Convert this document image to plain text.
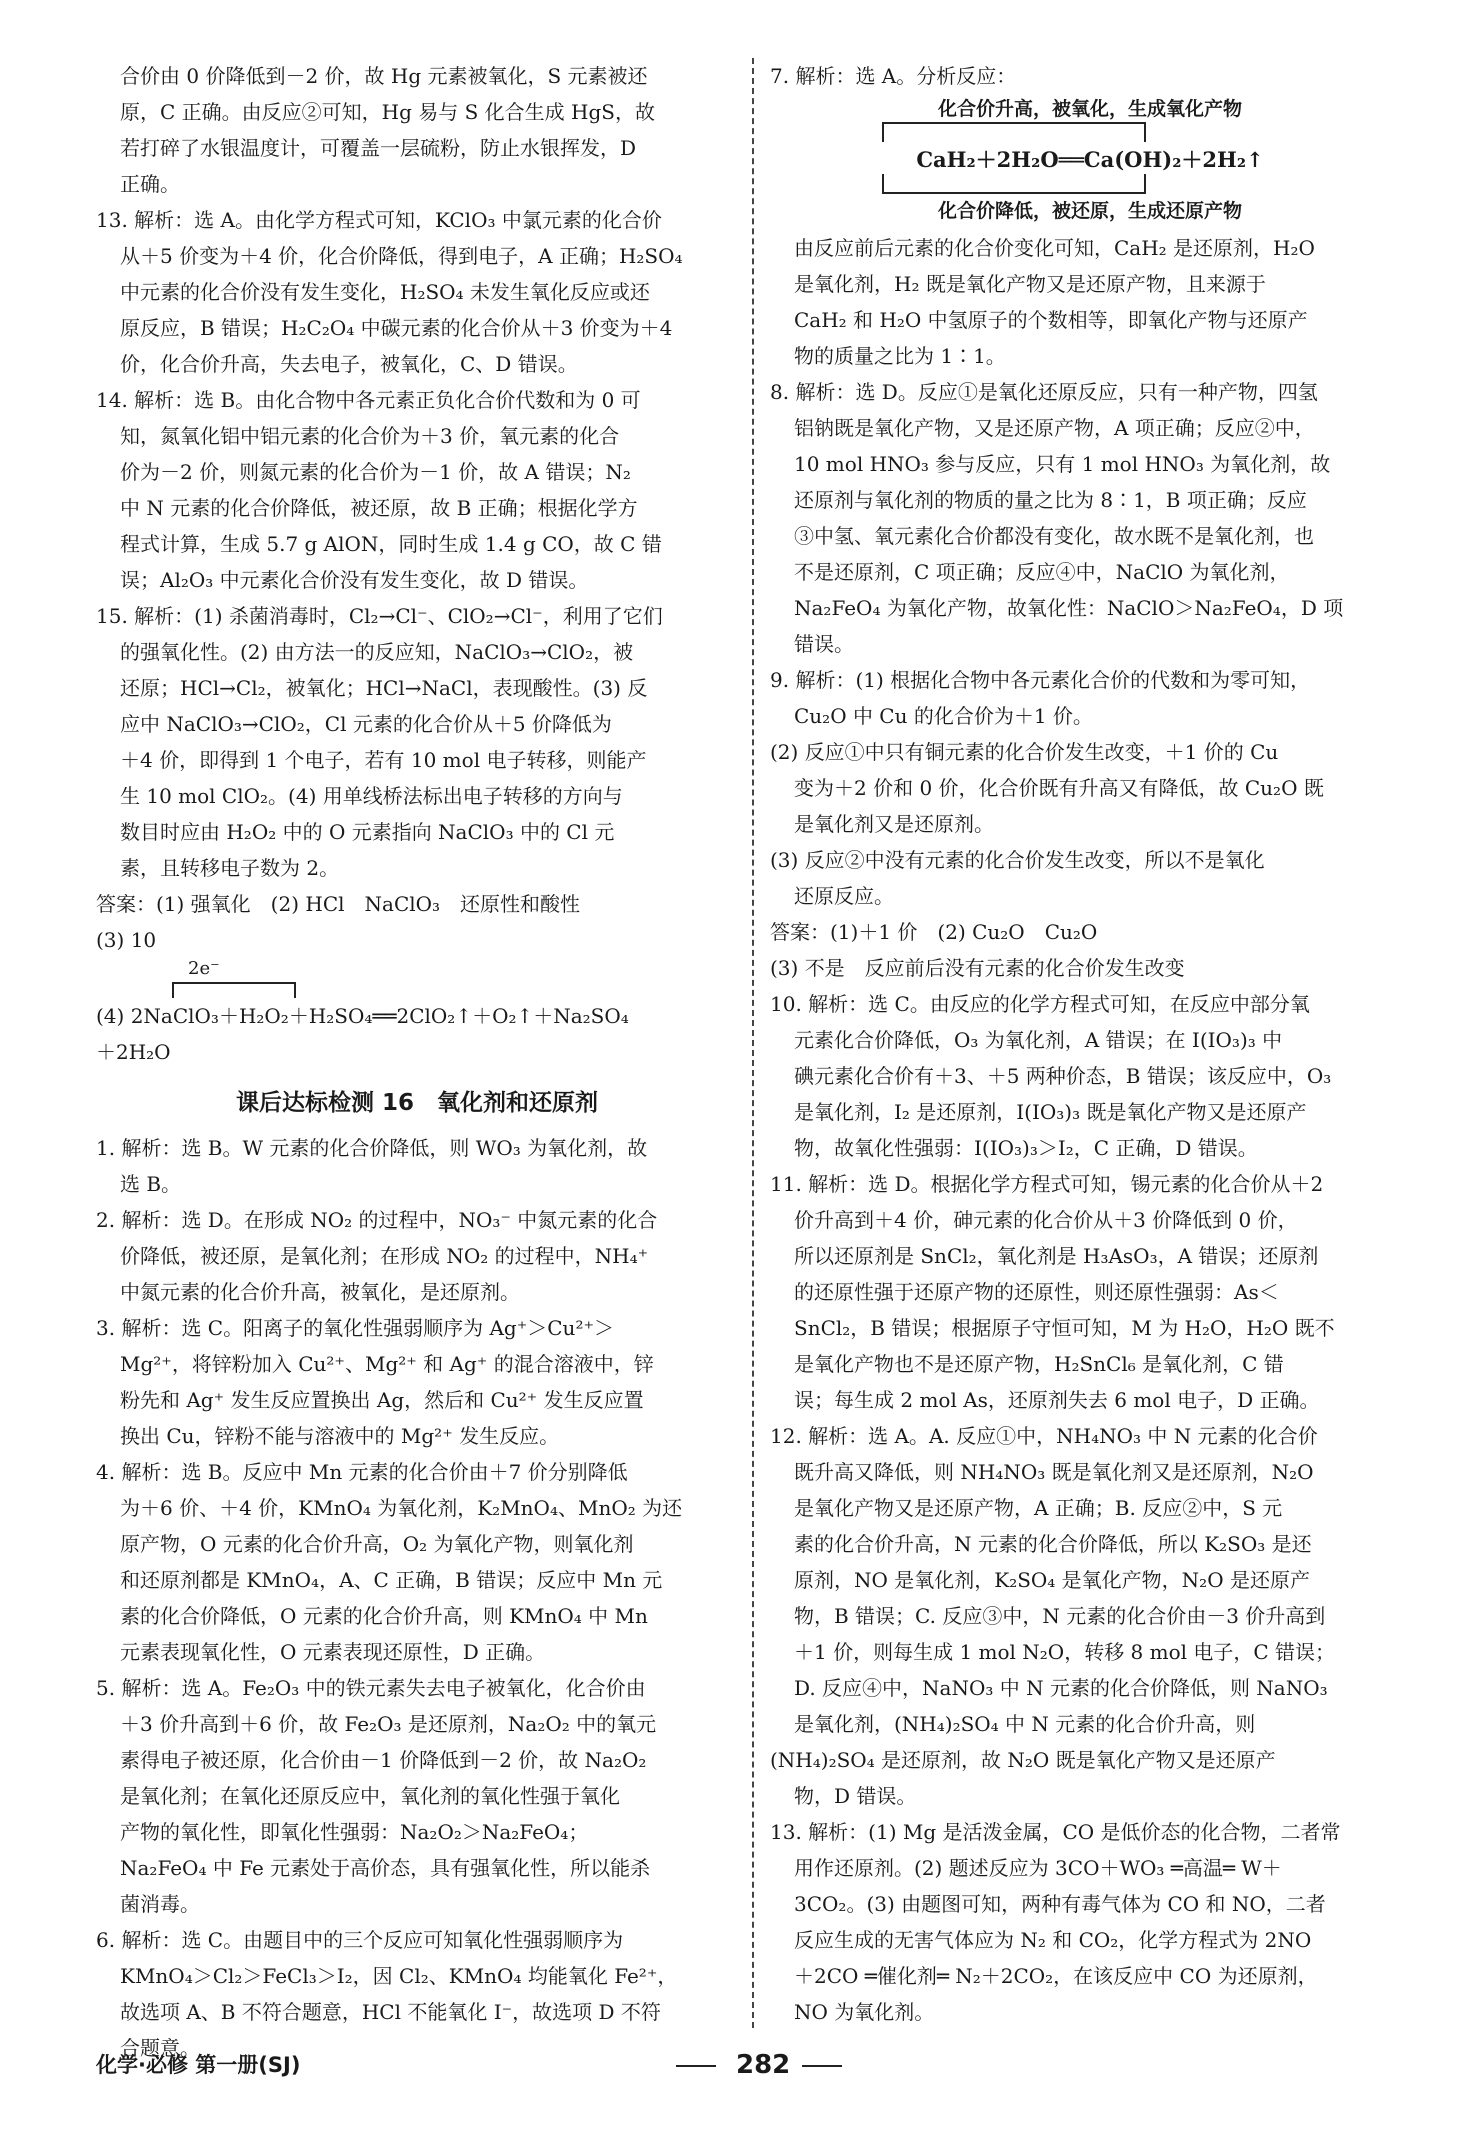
合价由 0 价降低到－2 价，故 Hg 元素被氧化，S 元素被还

原，C 正确。由反应②可知，Hg 易与 S 化合生成 HgS，故

若打碎了水银温度计，可覆盖一层硫粉，防止水银挥发，D

正确。

13. 解析：选 A。由化学方程式可知，KClO₃ 中氯元素的化合价

从＋5 价变为＋4 价，化合价降低，得到电子，A 正确；H₂SO₄

中元素的化合价没有发生变化，H₂SO₄ 未发生氧化反应或还

原反应，B 错误；H₂C₂O₄ 中碳元素的化合价从＋3 价变为＋4

价，化合价升高，失去电子，被氧化，C、D 错误。

14. 解析：选 B。由化合物中各元素正负化合价代数和为 0 可

知，氮氧化铝中铝元素的化合价为＋3 价，氧元素的化合

价为－2 价，则氮元素的化合价为－1 价，故 A 错误；N₂

中 N 元素的化合价降低，被还原，故 B 正确；根据化学方

程式计算，生成 5.7 g AlON，同时生成 1.4 g CO，故 C 错

误；Al₂O₃ 中元素化合价没有发生变化，故 D 错误。

15. 解析：(1) 杀菌消毒时，Cl₂→Cl⁻、ClO₂→Cl⁻，利用了它们

的强氧化性。(2) 由方法一的反应知，NaClO₃→ClO₂，被

还原；HCl→Cl₂，被氧化；HCl→NaCl，表现酸性。(3) 反

应中 NaClO₃→ClO₂，Cl 元素的化合价从＋5 价降低为

＋4 价，即得到 1 个电子，若有 10 mol 电子转移，则能产

生 10 mol ClO₂。(4) 用单线桥法标出电子转移的方向与

数目时应由 H₂O₂ 中的 O 元素指向 NaClO₃ 中的 Cl 元

素，且转移电子数为 2。

答案：(1) 强氧化　(2) HCl　NaClO₃　还原性和酸性

(3) 10

2e⁻

(4) 2NaClO₃＋H₂O₂＋H₂SO₄══2ClO₂↑＋O₂↑＋Na₂SO₄

＋2H₂O

课后达标检测 16　氧化剂和还原剂

1. 解析：选 B。W 元素的化合价降低，则 WO₃ 为氧化剂，故

选 B。

2. 解析：选 D。在形成 NO₂ 的过程中，NO₃⁻ 中氮元素的化合

价降低，被还原，是氧化剂；在形成 NO₂ 的过程中，NH₄⁺

中氮元素的化合价升高，被氧化，是还原剂。

3. 解析：选 C。阳离子的氧化性强弱顺序为 Ag⁺＞Cu²⁺＞

Mg²⁺，将锌粉加入 Cu²⁺、Mg²⁺ 和 Ag⁺ 的混合溶液中，锌

粉先和 Ag⁺ 发生反应置换出 Ag，然后和 Cu²⁺ 发生反应置

换出 Cu，锌粉不能与溶液中的 Mg²⁺ 发生反应。

4. 解析：选 B。反应中 Mn 元素的化合价由＋7 价分别降低

为＋6 价、＋4 价，KMnO₄ 为氧化剂，K₂MnO₄、MnO₂ 为还

原产物，O 元素的化合价升高，O₂ 为氧化产物，则氧化剂

和还原剂都是 KMnO₄，A、C 正确，B 错误；反应中 Mn 元

素的化合价降低，O 元素的化合价升高，则 KMnO₄ 中 Mn

元素表现氧化性，O 元素表现还原性，D 正确。

5. 解析：选 A。Fe₂O₃ 中的铁元素失去电子被氧化，化合价由

＋3 价升高到＋6 价，故 Fe₂O₃ 是还原剂，Na₂O₂ 中的氧元

素得电子被还原，化合价由－1 价降低到－2 价，故 Na₂O₂

是氧化剂；在氧化还原反应中，氧化剂的氧化性强于氧化

产物的氧化性，即氧化性强弱：Na₂O₂＞Na₂FeO₄；

Na₂FeO₄ 中 Fe 元素处于高价态，具有强氧化性，所以能杀

菌消毒。

6. 解析：选 C。由题目中的三个反应可知氧化性强弱顺序为

KMnO₄＞Cl₂＞FeCl₃＞I₂，因 Cl₂、KMnO₄ 均能氧化 Fe²⁺，

故选项 A、B 不符合题意，HCl 不能氧化 I⁻，故选项 D 不符

合题意。

7. 解析：选 A。分析反应：

化合价升高，被氧化，生成氧化产物
CaH₂＋2H₂O══Ca(OH)₂＋2H₂↑
化合价降低，被还原，生成还原产物

由反应前后元素的化合价变化可知，CaH₂ 是还原剂，H₂O

是氧化剂，H₂ 既是氧化产物又是还原产物，且来源于

CaH₂ 和 H₂O 中氢原子的个数相等，即氧化产物与还原产

物的质量之比为 1∶1。

8. 解析：选 D。反应①是氧化还原反应，只有一种产物，四氢

铝钠既是氧化产物，又是还原产物，A 项正确；反应②中，

10 mol HNO₃ 参与反应，只有 1 mol HNO₃ 为氧化剂，故

还原剂与氧化剂的物质的量之比为 8∶1，B 项正确；反应

③中氢、氧元素化合价都没有变化，故水既不是氧化剂，也

不是还原剂，C 项正确；反应④中，NaClO 为氧化剂，

Na₂FeO₄ 为氧化产物，故氧化性：NaClO＞Na₂FeO₄，D 项

错误。

9. 解析：(1) 根据化合物中各元素化合价的代数和为零可知，

Cu₂O 中 Cu 的化合价为＋1 价。

(2) 反应①中只有铜元素的化合价发生改变，＋1 价的 Cu

变为＋2 价和 0 价，化合价既有升高又有降低，故 Cu₂O 既

是氧化剂又是还原剂。

(3) 反应②中没有元素的化合价发生改变，所以不是氧化

还原反应。

答案：(1)＋1 价　(2) Cu₂O　Cu₂O

(3) 不是　反应前后没有元素的化合价发生改变

10. 解析：选 C。由反应的化学方程式可知，在反应中部分氧

元素化合价降低，O₃ 为氧化剂，A 错误；在 I(IO₃)₃ 中

碘元素化合价有＋3、＋5 两种价态，B 错误；该反应中，O₃

是氧化剂，I₂ 是还原剂，I(IO₃)₃ 既是氧化产物又是还原产

物，故氧化性强弱：I(IO₃)₃＞I₂，C 正确，D 错误。

11. 解析：选 D。根据化学方程式可知，锡元素的化合价从＋2

价升高到＋4 价，砷元素的化合价从＋3 价降低到 0 价，

所以还原剂是 SnCl₂，氧化剂是 H₃AsO₃，A 错误；还原剂

的还原性强于还原产物的还原性，则还原性强弱：As＜

SnCl₂，B 错误；根据原子守恒可知，M 为 H₂O，H₂O 既不

是氧化产物也不是还原产物，H₂SnCl₆ 是氧化剂，C 错

误；每生成 2 mol As，还原剂失去 6 mol 电子，D 正确。

12. 解析：选 A。A. 反应①中，NH₄NO₃ 中 N 元素的化合价

既升高又降低，则 NH₄NO₃ 既是氧化剂又是还原剂，N₂O

是氧化产物又是还原产物，A 正确；B. 反应②中，S 元

素的化合价升高，N 元素的化合价降低，所以 K₂SO₃ 是还

原剂，NO 是氧化剂，K₂SO₄ 是氧化产物，N₂O 是还原产

物，B 错误；C. 反应③中，N 元素的化合价由－3 价升高到

＋1 价，则每生成 1 mol N₂O，转移 8 mol 电子，C 错误；

D. 反应④中，NaNO₃ 中 N 元素的化合价降低，则 NaNO₃

是氧化剂，(NH₄)₂SO₄ 中 N 元素的化合价升高，则

(NH₄)₂SO₄ 是还原剂，故 N₂O 既是氧化产物又是还原产

物，D 错误。

13. 解析：(1) Mg 是活泼金属，CO 是低价态的化合物，二者常

用作还原剂。(2) 题述反应为 3CO＋WO₃ ═高温═ W＋

3CO₂。(3) 由题图可知，两种有毒气体为 CO 和 NO，二者

反应生成的无害气体应为 N₂ 和 CO₂，化学方程式为 2NO

＋2CO ═催化剂═ N₂＋2CO₂，在该反应中 CO 为还原剂，

NO 为氧化剂。

化学·必修 第一册(SJ)	282
